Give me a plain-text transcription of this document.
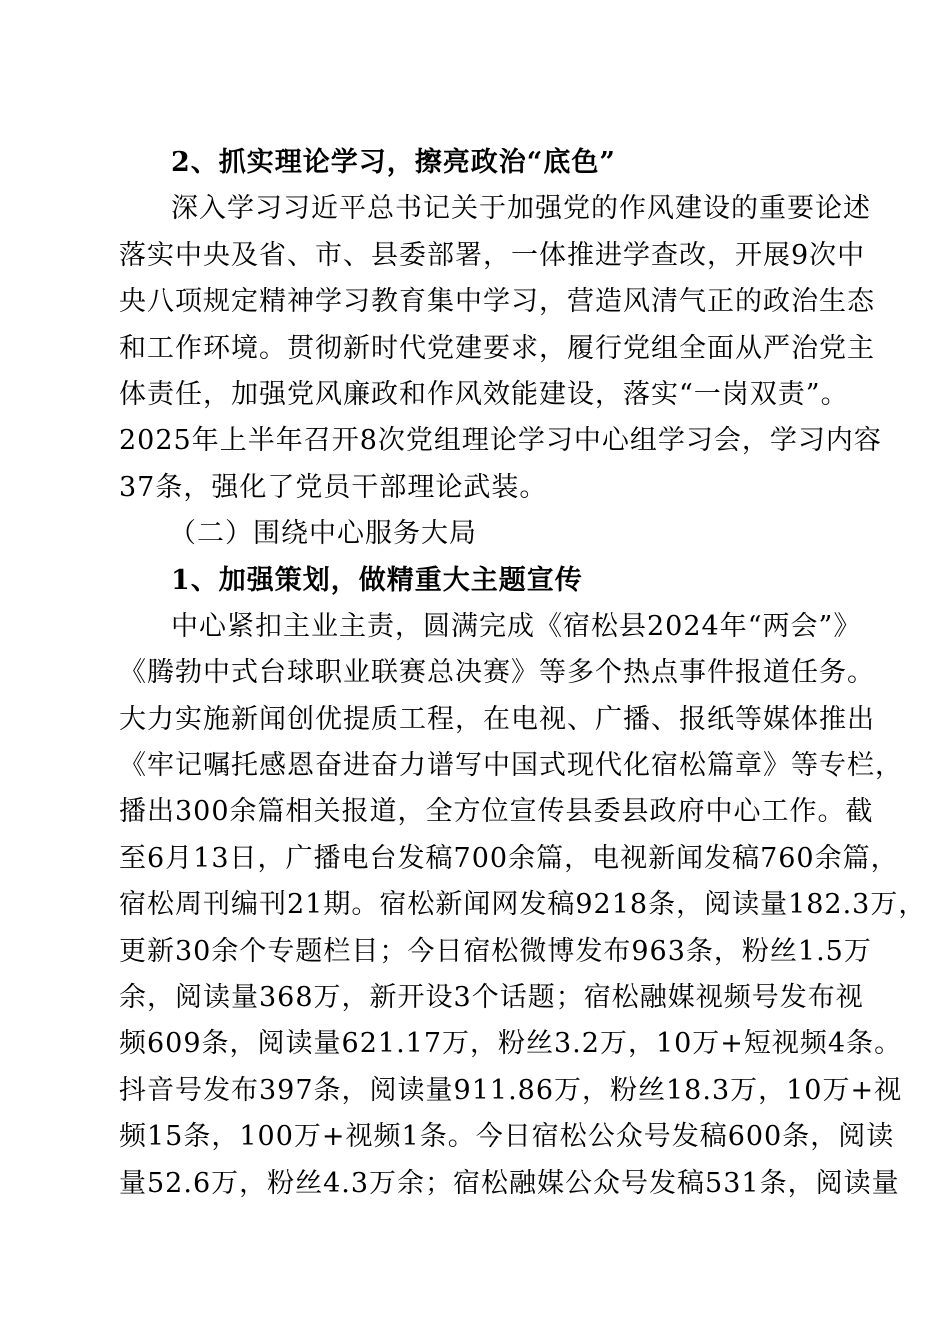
2、抓实理论学习，擦亮政治“底色”
深入学习习近平总书记关于加强党的作风建设的重要论述
落实中央及省、市、县委部署，一体推进学查改，开展9次中
央八项规定精神学习教育集中学习，营造风清气正的政治生态
和工作环境。贯彻新时代党建要求，履行党组全面从严治党主
体责任，加强党风廉政和作风效能建设，落实“一岗双责”。
2025年上半年召开8次党组理论学习中心组学习会，学习内容
37条，强化了党员干部理论武装。
（二）围绕中心服务大局
1、加强策划，做精重大主题宣传
中心紧扣主业主责，圆满完成《宿松县2024年“两会”》
《腾勃中式台球职业联赛总决赛》等多个热点事件报道任务。
大力实施新闻创优提质工程，在电视、广播、报纸等媒体推出
《牢记嘱托感恩奋进奋力谱写中国式现代化宿松篇章》等专栏，
播出300余篇相关报道，全方位宣传县委县政府中心工作。截
至6月13日，广播电台发稿700余篇，电视新闻发稿760余篇，
宿松周刊编刊21期。宿松新闻网发稿9218条，阅读量182.3万，
更新30余个专题栏目；今日宿松微博发布963条，粉丝1.5万
余，阅读量368万，新开设3个话题；宿松融媒视频号发布视
频609条，阅读量621.17万，粉丝3.2万，10万+短视频4条。
抖音号发布397条，阅读量911.86万，粉丝18.3万，10万+视
频15条，100万+视频1条。今日宿松公众号发稿600条，阅读
量52.6万，粉丝4.3万余；宿松融媒公众号发稿531条，阅读量
